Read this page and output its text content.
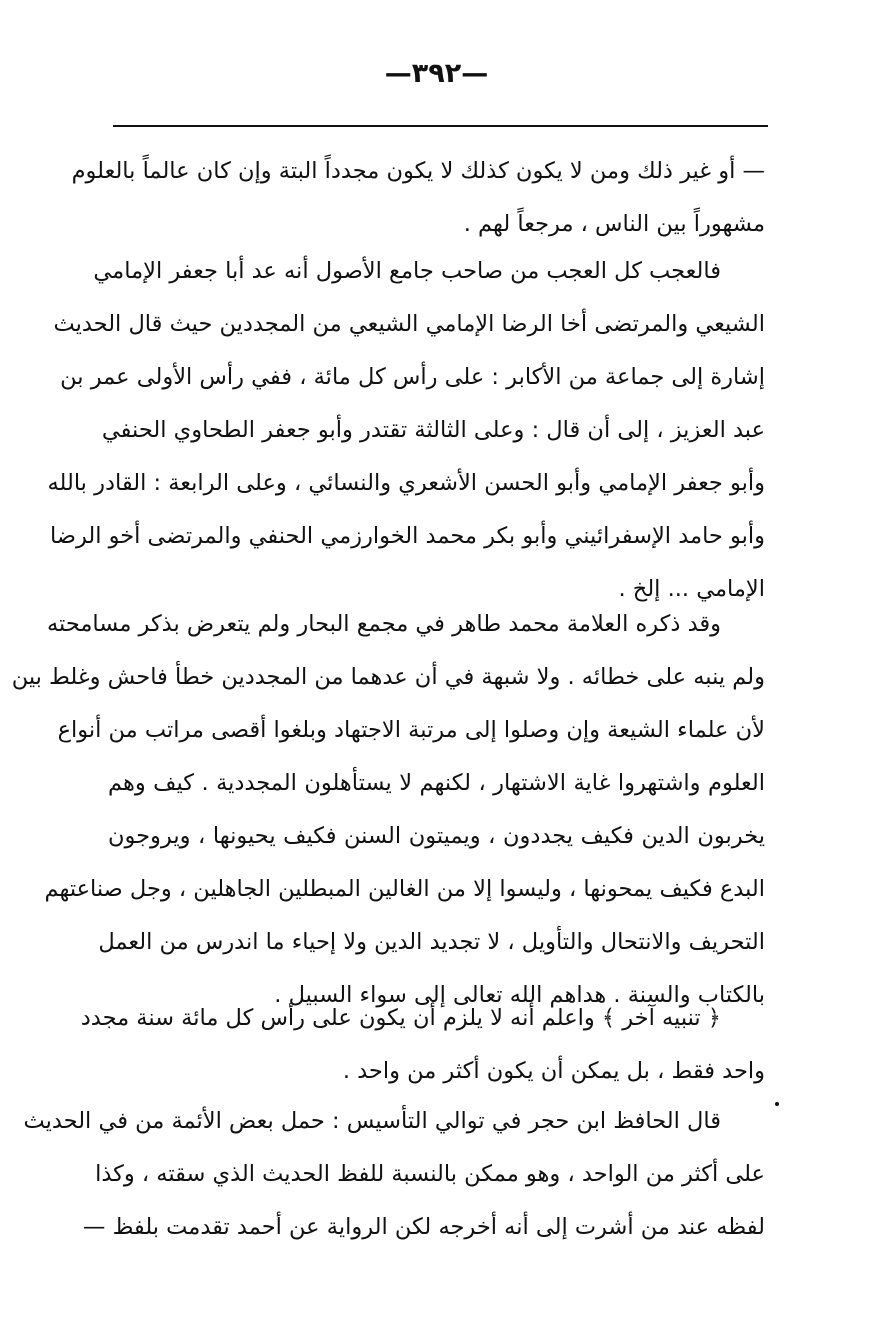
—٣٩٢—
— أو غير ذلك ومن لا يكون كذلك لا يكون مجدداً البتة وإن كان عالماً بالعلوم
مشهوراً بين الناس ، مرجعاً لهم .
فالعجب كل العجب من صاحب جامع الأصول أنه عد أبا جعفر الإمامي
الشيعي والمرتضى أخا الرضا الإمامي الشيعي من المجددين حيث قال الحديث
إشارة إلى جماعة من الأكابر : على رأس كل مائة ، ففي رأس الأولى عمر بن
عبد العزيز ، إلى أن قال : وعلى الثالثة تقتدر وأبو جعفر الطحاوي الحنفي
وأبو جعفر الإمامي وأبو الحسن الأشعري والنسائي ، وعلى الرابعة : القادر بالله
وأبو حامد الإسفرائيني وأبو بكر محمد الخوارزمي الحنفي والمرتضى أخو الرضا
الإمامي ... إلخ .
وقد ذكره العلامة محمد طاهر في مجمع البحار ولم يتعرض بذكر مسامحته
ولم ينبه على خطائه . ولا شبهة في أن عدهما من المجددين خطأ فاحش وغلط بين
لأن علماء الشيعة وإن وصلوا إلى مرتبة الاجتهاد وبلغوا أقصى مراتب من أنواع
العلوم واشتهروا غاية الاشتهار ، لكنهم لا يستأهلون المجددية . كيف وهم
يخربون الدين فكيف يجددون ، ويميتون السنن فكيف يحيونها ، ويروجون
البدع فكيف يمحونها ، وليسوا إلا من الغالين المبطلين الجاهلين ، وجل صناعتهم
التحريف والانتحال والتأويل ، لا تجديد الدين ولا إحياء ما اندرس من العمل
بالكتاب والسنة . هداهم الله تعالى إلى سواء السبيل .
﴿ تنبيه آخر ﴾ واعلم أنه لا يلزم أن يكون على رأس كل مائة سنة مجدد
واحد فقط ، بل يمكن أن يكون أكثر من واحد .
قال الحافظ ابن حجر في توالي التأسيس : حمل بعض الأئمة من في الحديث
على أكثر من الواحد ، وهو ممكن بالنسبة للفظ الحديث الذي سقته ، وكذا
لفظه عند من أشرت إلى أنه أخرجه لكن الرواية عن أحمد تقدمت بلفظ —
